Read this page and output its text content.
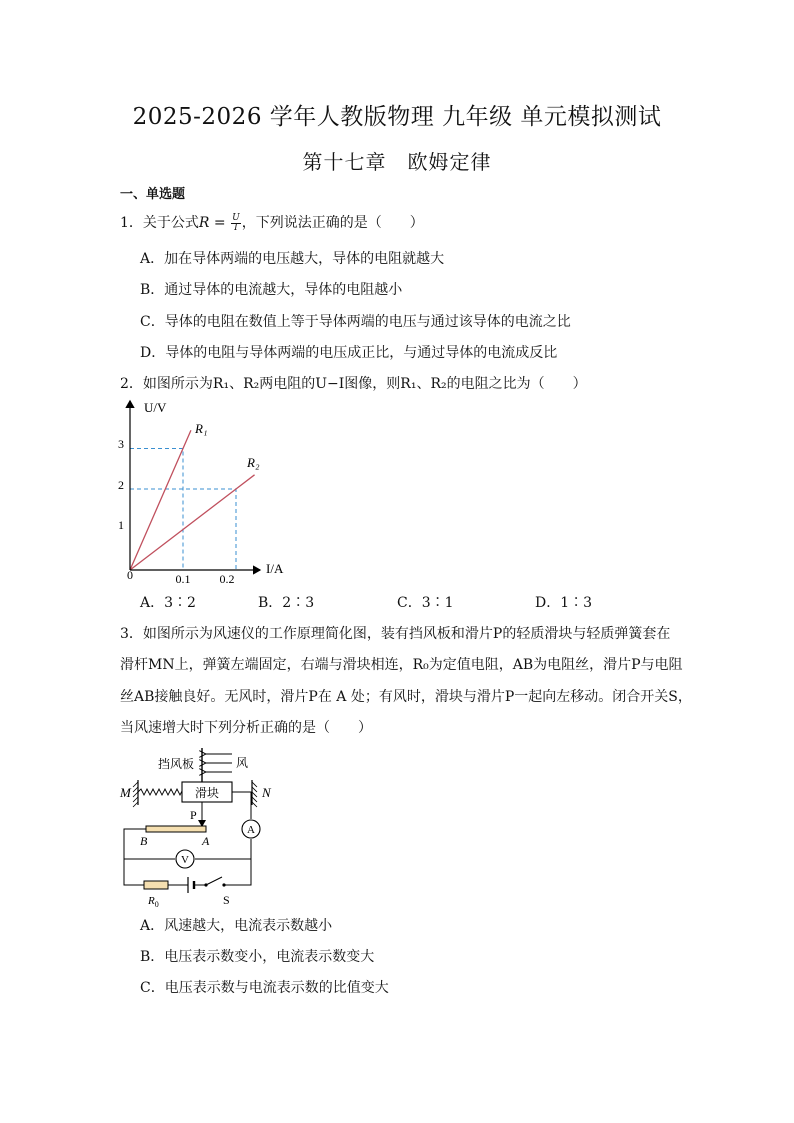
2025-2026 学年人教版物理 九年级 单元模拟测试
第十七章　欧姆定律
一、单选题
1．关于公式$R = \frac{U}{I}$ ，下列说法正确的是（　　）
A．加在导体两端的电压越大，导体的电阻就越大
B．通过导体的电流越大，导体的电阻越小
C．导体的电阻在数值上等于导体两端的电压与通过该导体的电流之比
D．导体的电阻与导体两端的电压成正比，与通过导体的电流成反比
2．如图所示为R₁、R₂两电阻的U−I图像，则R₁、R₂的电阻之比为（　　）
U/V
I/A
0	0.1 0.2
1
2
3
R₁
R₂
A．3∶2	B．2∶3	C．3∶1	D．1∶3
3．如图所示为风速仪的工作原理简化图，装有挡风板和滑片P的轻质滑块与轻质弹簧套在
滑杆MN上，弹簧左端固定，右端与滑块相连，R₀为定值电阻，AB为电阻丝，滑片P与电阻
丝AB接触良好。无风时，滑片P在 A 处；有风时，滑块与滑片P一起向左移动。闭合开关S，
当风速增大时下列分析正确的是（　　）
挡风板	风
M	N
滑块
P
B	A
A
V
$R_0$	S
A．风速越大，电流表示数越小
B．电压表示数变小，电流表示数变大
C．电压表示数与电流表示数的比值变大
